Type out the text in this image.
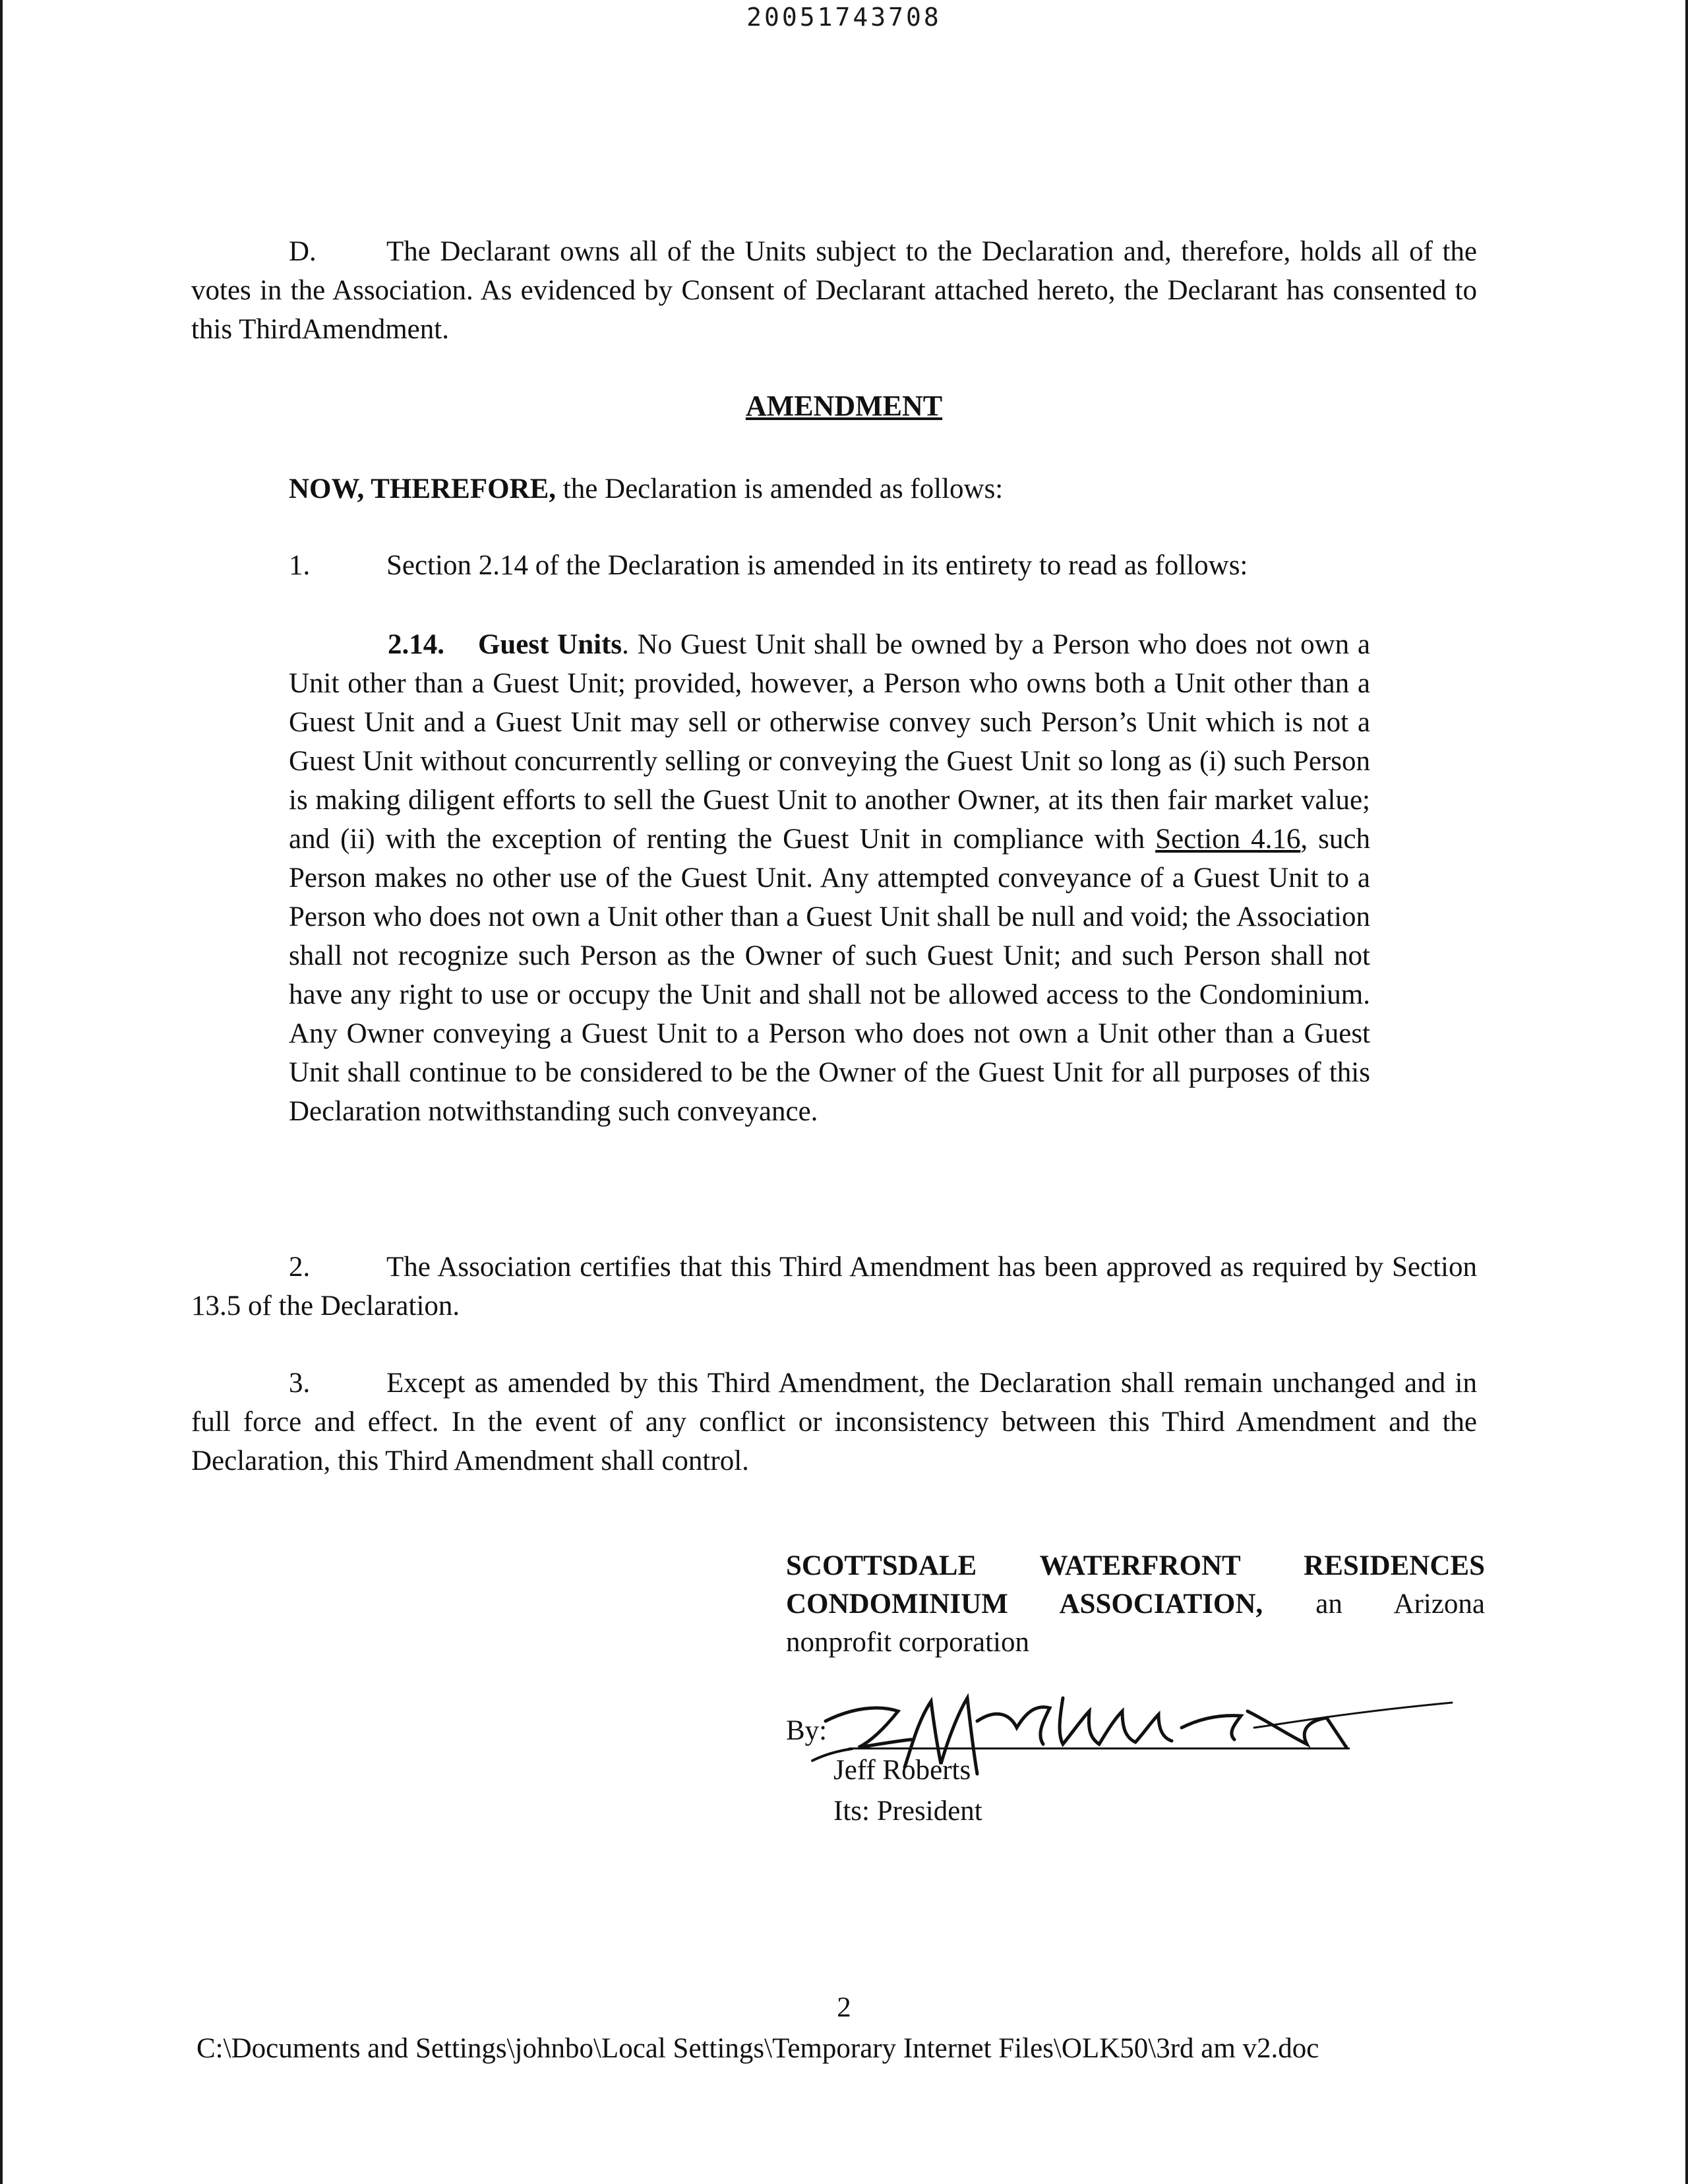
20051743708

D. The Declarant owns all of the Units subject to the Declaration and, therefore, holds all of the votes in the Association. As evidenced by Consent of Declarant attached hereto, the Declarant has consented to this ThirdAmendment.

AMENDMENT
NOW, THEREFORE, the Declaration is amended as follows:
1.	Section 2.14 of the Declaration is amended in its entirety to read as follows:

2.14. Guest Units. No Guest Unit shall be owned by a Person who does not own a Unit other than a Guest Unit; provided, however, a Person who owns both a Unit other than a Guest Unit and a Guest Unit may sell or otherwise convey such Person’s Unit which is not a Guest Unit without concurrently selling or conveying the Guest Unit so long as (i) such Person is making diligent efforts to sell the Guest Unit to another Owner, at its then fair market value; and (ii) with the exception of renting the Guest Unit in compliance with Section 4.16, such Person makes no other use of the Guest Unit. Any attempted conveyance of a Guest Unit to a Person who does not own a Unit other than a Guest Unit shall be null and void; the Association shall not recognize such Person as the Owner of such Guest Unit; and such Person shall not have any right to use or occupy the Unit and shall not be allowed access to the Condominium. Any Owner conveying a Guest Unit to a Person who does not own a Unit other than a Guest Unit shall continue to be considered to be the Owner of the Guest Unit for all purposes of this Declaration notwithstanding such conveyance.

2.	The Association certifies that this Third Amendment has been approved as required by Section 13.5 of the Declaration.

3.	Except as amended by this Third Amendment, the Declaration shall remain unchanged and in full force and effect. In the event of any conflict or inconsistency between this Third Amendment and the Declaration, this Third Amendment shall control.

SCOTTSDALE WATERFRONT RESIDENCES
CONDOMINIUM ASSOCIATION, an Arizona
nonprofit corporation
By:
Jeff Roberts
Its: President
2
C:\Documents and Settings\johnbo\Local Settings\Temporary Internet Files\OLK50\3rd am v2.doc
